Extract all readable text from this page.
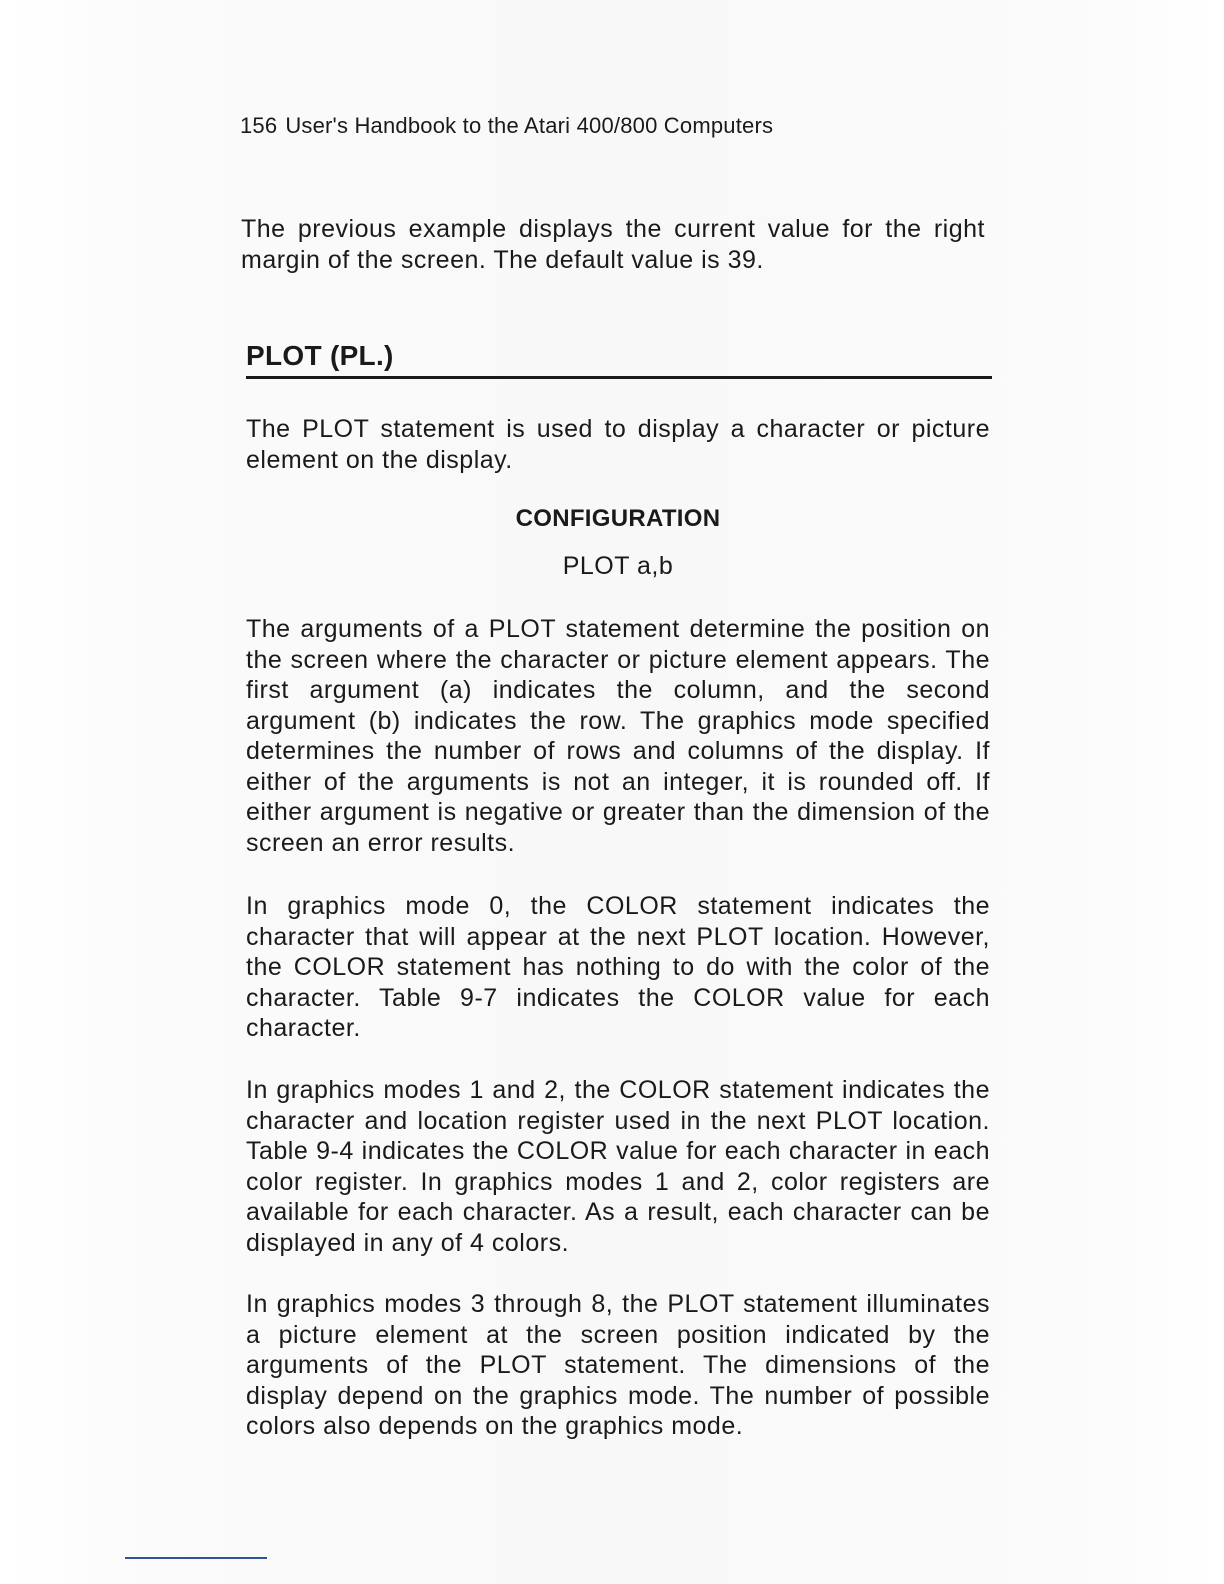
156 User's Handbook to the Atari 400/800 Computers

The previous example displays the current value for the right margin of the screen. The default value is 39.

PLOT (PL.)

The PLOT statement is used to display a character or picture element on the display.

CONFIGURATION
PLOT a,b

The arguments of a PLOT statement determine the position on the screen where the character or picture element appears. The first argument (a) indicates the column, and the second argument (b) indicates the row. The graphics mode specified determines the number of rows and columns of the display. If either of the arguments is not an integer, it is rounded off. If either argument is negative or greater than the dimension of the screen an error results.

In graphics mode 0, the COLOR statement indicates the character that will appear at the next PLOT location. However, the COLOR statement has nothing to do with the color of the character. Table 9-7 indicates the COLOR value for each character.

In graphics modes 1 and 2, the COLOR statement indicates the character and location register used in the next PLOT location. Table 9-4 indicates the COLOR value for each character in each color register. In graphics modes 1 and 2, color registers are available for each character. As a result, each character can be displayed in any of 4 colors.

In graphics modes 3 through 8, the PLOT statement illuminates a picture element at the screen position indicated by the arguments of the PLOT statement. The dimensions of the display depend on the graphics mode. The number of possible colors also depends on the graphics mode.
